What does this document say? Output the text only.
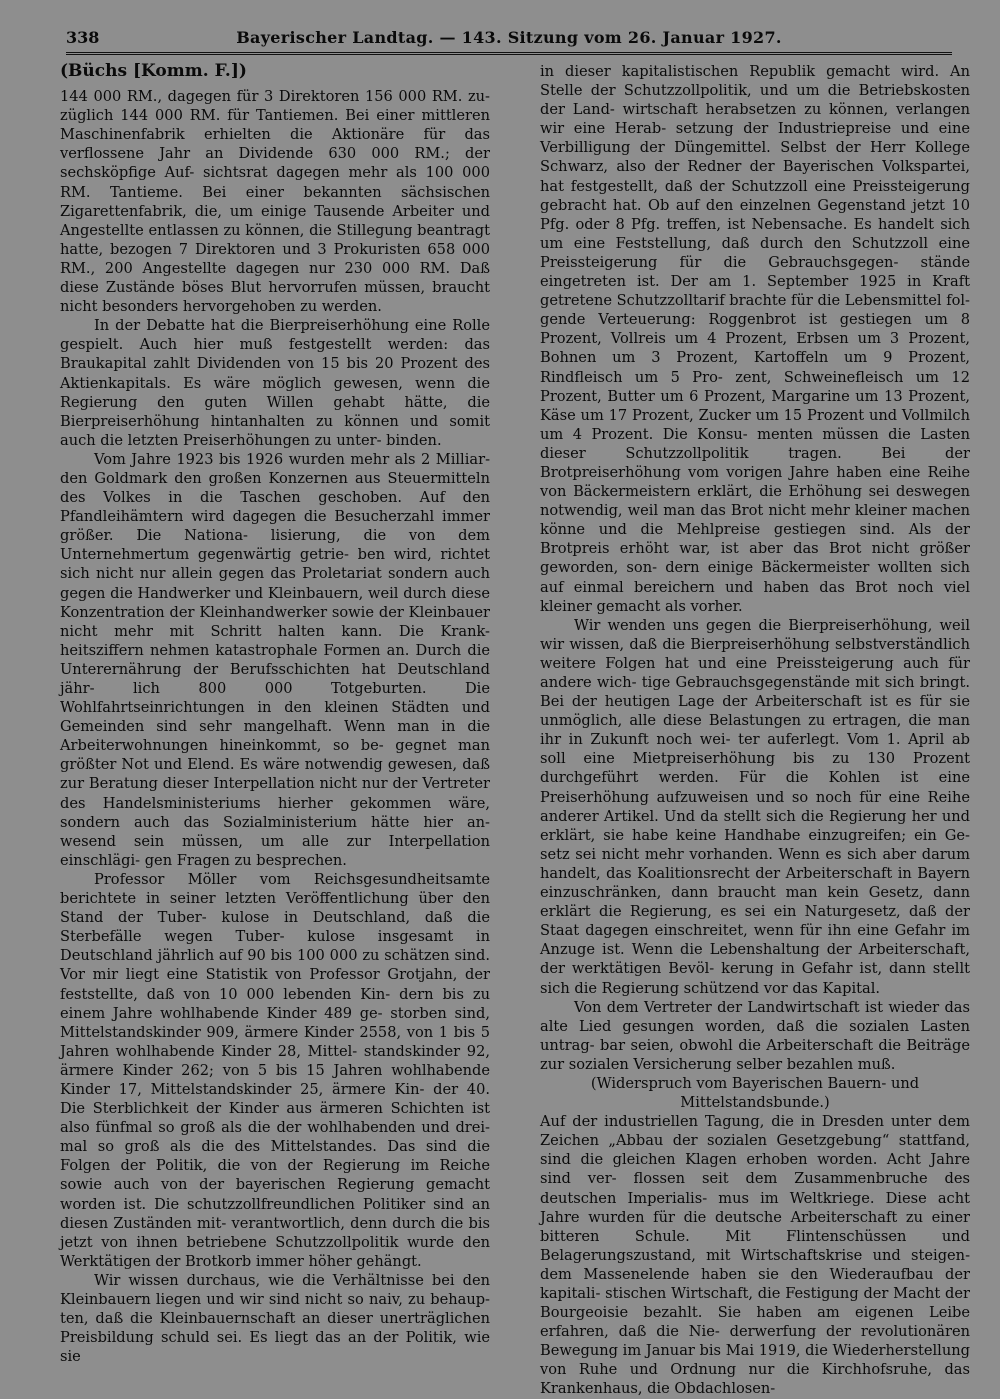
338	Bayerischer Landtag. — 143. Sitzung vom 26. Januar 1927.
(Büchs [Komm. F.])

144 000 RM., dagegen für 3 Direktoren 156 000 RM. zu- züglich 144 000 RM. für Tantiemen. Bei einer mittleren Maschinenfabrik erhielten die Aktionäre für das verflossene Jahr an Dividende 630 000 RM.; der sechsköpfige Auf- sichtsrat dagegen mehr als 100 000 RM. Tantieme. Bei einer bekannten sächsischen Zigarettenfabrik, die, um einige Tausende Arbeiter und Angestellte entlassen zu können, die Stillegung beantragt hatte, bezogen 7 Direktoren und 3 Prokuristen 658 000 RM., 200 Angestellte dagegen nur 230 000 RM. Daß diese Zustände böses Blut hervorrufen müssen, braucht nicht besonders hervorgehoben zu werden.

In der Debatte hat die Bierpreiserhöhung eine Rolle gespielt. Auch hier muß festgestellt werden: das Braukapital zahlt Dividenden von 15 bis 20 Prozent des Aktienkapitals. Es wäre möglich gewesen, wenn die Regierung den guten Willen gehabt hätte, die Bierpreiserhöhung hintanhalten zu können und somit auch die letzten Preiserhöhungen zu unter- binden.

Vom Jahre 1923 bis 1926 wurden mehr als 2 Milliar- den Goldmark den großen Konzernen aus Steuermitteln des Volkes in die Taschen geschoben. Auf den Pfandleihämtern wird dagegen die Besucherzahl immer größer. Die Nationa- lisierung, die von dem Unternehmertum gegenwärtig getrie- ben wird, richtet sich nicht nur allein gegen das Proletariat sondern auch gegen die Handwerker und Kleinbauern, weil durch diese Konzentration der Kleinhandwerker sowie der Kleinbauer nicht mehr mit Schritt halten kann. Die Krank- heitsziffern nehmen katastrophale Formen an. Durch die Unterernährung der Berufsschichten hat Deutschland jähr- lich 800 000 Totgeburten. Die Wohlfahrtseinrichtungen in den kleinen Städten und Gemeinden sind sehr mangelhaft. Wenn man in die Arbeiterwohnungen hineinkommt, so be- gegnet man größter Not und Elend. Es wäre notwendig gewesen, daß zur Beratung dieser Interpellation nicht nur der Vertreter des Handelsministeriums hierher gekommen wäre, sondern auch das Sozialministerium hätte hier an- wesend sein müssen, um alle zur Interpellation einschlägi- gen Fragen zu besprechen.

Professor Möller vom Reichsgesundheitsamte berichtete in seiner letzten Veröffentlichung über den Stand der Tuber- kulose in Deutschland, daß die Sterbefälle wegen Tuber- kulose insgesamt in Deutschland jährlich auf 90 bis 100 000 zu schätzen sind. Vor mir liegt eine Statistik von Professor Grotjahn, der feststellte, daß von 10 000 lebenden Kin- dern bis zu einem Jahre wohlhabende Kinder 489 ge- storben sind, Mittelstandskinder 909, ärmere Kinder 2558, von 1 bis 5 Jahren wohlhabende Kinder 28, Mittel- standskinder 92, ärmere Kinder 262; von 5 bis 15 Jahren wohlhabende Kinder 17, Mittelstandskinder 25, ärmere Kin- der 40. Die Sterblichkeit der Kinder aus ärmeren Schichten ist also fünfmal so groß als die der wohlhabenden und drei- mal so groß als die des Mittelstandes. Das sind die Folgen der Politik, die von der Regierung im Reiche sowie auch von der bayerischen Regierung gemacht worden ist. Die schutzzollfreundlichen Politiker sind an diesen Zuständen mit- verantwortlich, denn durch die bis jetzt von ihnen betriebene Schutzzollpolitik wurde den Werktätigen der Brotkorb immer höher gehängt.

Wir wissen durchaus, wie die Verhältnisse bei den Kleinbauern liegen und wir sind nicht so naiv, zu behaup- ten, daß die Kleinbauernschaft an dieser unerträglichen Preisbildung schuld sei. Es liegt das an der Politik, wie sie

in dieser kapitalistischen Republik gemacht wird. An Stelle der Schutzzollpolitik, und um die Betriebskosten der Land- wirtschaft herabsetzen zu können, verlangen wir eine Herab- setzung der Industriepreise und eine Verbilligung der Düngemittel. Selbst der Herr Kollege Schwarz, also der Redner der Bayerischen Volkspartei, hat festgestellt, daß der Schutzzoll eine Preissteigerung gebracht hat. Ob auf den einzelnen Gegenstand jetzt 10 Pfg. oder 8 Pfg. treffen, ist Nebensache. Es handelt sich um eine Feststellung, daß durch den Schutzzoll eine Preissteigerung für die Gebrauchsgegen- stände eingetreten ist. Der am 1. September 1925 in Kraft getretene Schutzzolltarif brachte für die Lebensmittel fol- gende Verteuerung: Roggenbrot ist gestiegen um 8 Prozent, Vollreis um 4 Prozent, Erbsen um 3 Prozent, Bohnen um 3 Prozent, Kartoffeln um 9 Prozent, Rindfleisch um 5 Pro- zent, Schweinefleisch um 12 Prozent, Butter um 6 Prozent, Margarine um 13 Prozent, Käse um 17 Prozent, Zucker um 15 Prozent und Vollmilch um 4 Prozent. Die Konsu- menten müssen die Lasten dieser Schutzzollpolitik tragen. Bei der Brotpreiserhöhung vom vorigen Jahre haben eine Reihe von Bäckermeistern erklärt, die Erhöhung sei deswegen notwendig, weil man das Brot nicht mehr kleiner machen könne und die Mehlpreise gestiegen sind. Als der Brotpreis erhöht war, ist aber das Brot nicht größer geworden, son- dern einige Bäckermeister wollten sich auf einmal bereichern und haben das Brot noch viel kleiner gemacht als vorher.

Wir wenden uns gegen die Bierpreiserhöhung, weil wir wissen, daß die Bierpreiserhöhung selbstverständlich weitere Folgen hat und eine Preissteigerung auch für andere wich- tige Gebrauchsgegenstände mit sich bringt. Bei der heutigen Lage der Arbeiterschaft ist es für sie unmöglich, alle diese Belastungen zu ertragen, die man ihr in Zukunft noch wei- ter auferlegt. Vom 1. April ab soll eine Mietpreiserhöhung bis zu 130 Prozent durchgeführt werden. Für die Kohlen ist eine Preiserhöhung aufzuweisen und so noch für eine Reihe anderer Artikel. Und da stellt sich die Regierung her und erklärt, sie habe keine Handhabe einzugreifen; ein Ge- setz sei nicht mehr vorhanden. Wenn es sich aber darum handelt, das Koalitionsrecht der Arbeiterschaft in Bayern einzuschränken, dann braucht man kein Gesetz, dann erklärt die Regierung, es sei ein Naturgesetz, daß der Staat dagegen einschreitet, wenn für ihn eine Gefahr im Anzuge ist. Wenn die Lebenshaltung der Arbeiterschaft, der werktätigen Bevöl- kerung in Gefahr ist, dann stellt sich die Regierung schützend vor das Kapital.

Von dem Vertreter der Landwirtschaft ist wieder das alte Lied gesungen worden, daß die sozialen Lasten untrag- bar seien, obwohl die Arbeiterschaft die Beiträge zur sozialen Versicherung selber bezahlen muß.

(Widerspruch vom Bayerischen Bauern- und Mittelstandsbunde.)

Auf der industriellen Tagung, die in Dresden unter dem Zeichen „Abbau der sozialen Gesetzgebung“ stattfand, sind die gleichen Klagen erhoben worden. Acht Jahre sind ver- flossen seit dem Zusammenbruche des deutschen Imperialis- mus im Weltkriege. Diese acht Jahre wurden für die deutsche Arbeiterschaft zu einer bitteren Schule. Mit Flintenschüssen und Belagerungszustand, mit Wirtschaftskrise und steigen- dem Massenelende haben sie den Wiederaufbau der kapitali- stischen Wirtschaft, die Festigung der Macht der Bourgeoisie bezahlt. Sie haben am eigenen Leibe erfahren, daß die Nie- derwerfung der revolutionären Bewegung im Januar bis Mai 1919, die Wiederherstellung von Ruhe und Ordnung nur die Kirchhofsruhe, das Krankenhaus, die Obdachlosen-
